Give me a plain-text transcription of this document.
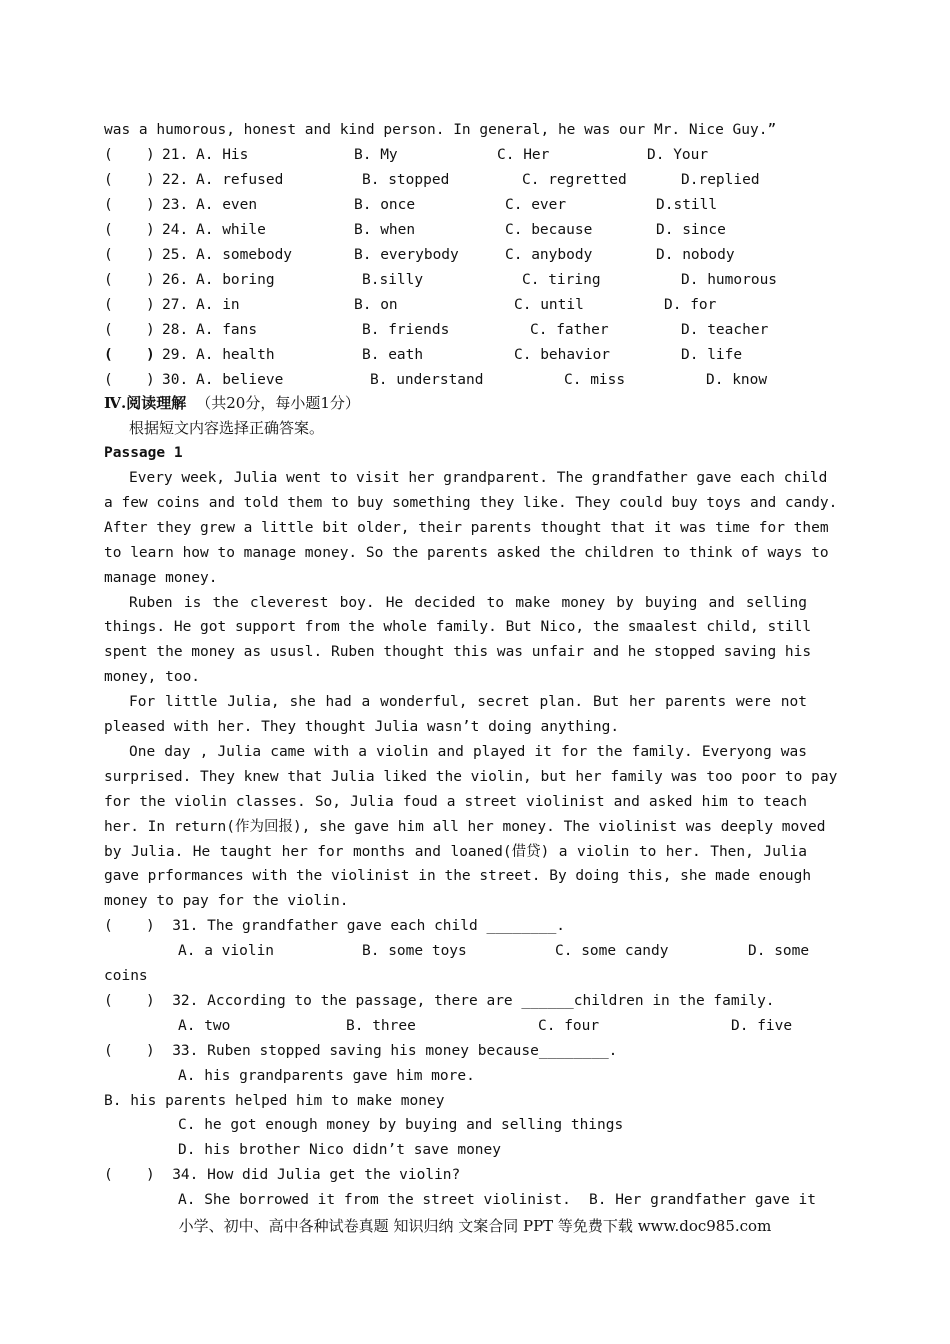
was a humorous, honest and kind person. In general, he was our Mr. Nice Guy.”
( ) 21. A. His	B. My	C. Her	D. Your
( ) 22. A. refused	B. stopped	C. regretted	D.replied
( ) 23. A. even	B. once	C. ever	D.still
( ) 24. A. while	B. when	C. because	D. since
( ) 25. A. somebody	B. everybody	C. anybody	D. nobody
( ) 26. A. boring	B.silly	C. tiring	D. humorous
( ) 27. A. in	B. on	C. until	D. for
( ) 28. A. fans	B. friends	C. father	D. teacher
( ) 29. A. health	B. eath	C. behavior	D. life
( ) 30. A. believe	B. understand	C. miss	D. know
Ⅳ.阅读理解 （共20分，每小题1分）
根据短文内容选择正确答案。
Passage 1
Every week, Julia went to visit her grandparent. The grandfather gave each child
a few coins and told them to buy something they like. They could buy toys and candy.
After they grew a little bit older, their parents thought that it was time for them
to learn how to manage money. So the parents asked the children to think of ways to
manage money.
Ruben is the cleverest boy. He decided to make money by buying and selling
things. He got support from the whole family. But Nico, the smaalest child, still
spent the money as ususl. Ruben thought this was unfair and he stopped saving his
money, too.
For little Julia, she had a wonderful, secret plan. But her parents were not
pleased with her. They thought Julia wasn’t doing anything.
One day , Julia came with a violin and played it for the family. Everyong was
surprised. They knew that Julia liked the violin, but her family was too poor to pay
for the violin classes. So, Julia foud a street violinist and asked him to teach
her. In return(作为回报), she gave him all her money. The violinist was deeply moved
by Julia. He taught her for months and loaned(借贷) a violin to her. Then, Julia
gave prformances with the violinist in the street. By doing this, she made enough
money to pay for the violin.
( )  31. The grandfather gave each child ________.
A. a violin	B. some toys	C. some candy	D. some
coins
( )  32. According to the passage, there are ______children in the family.
A. two	B. three	C. four	D. five
( )  33. Ruben stopped saving his money because________.
A. his grandparents gave him more.
B. his parents helped him to make money
C. he got enough money by buying and selling things
D. his brother Nico didn’t save money
( )  34. How did Julia get the violin?
A. She borrowed it from the street violinist. B. Her grandfather gave it
小学、初中、高中各种试卷真题 知识归纳 文案合同 PPT 等免费下载 www.doc985.com
